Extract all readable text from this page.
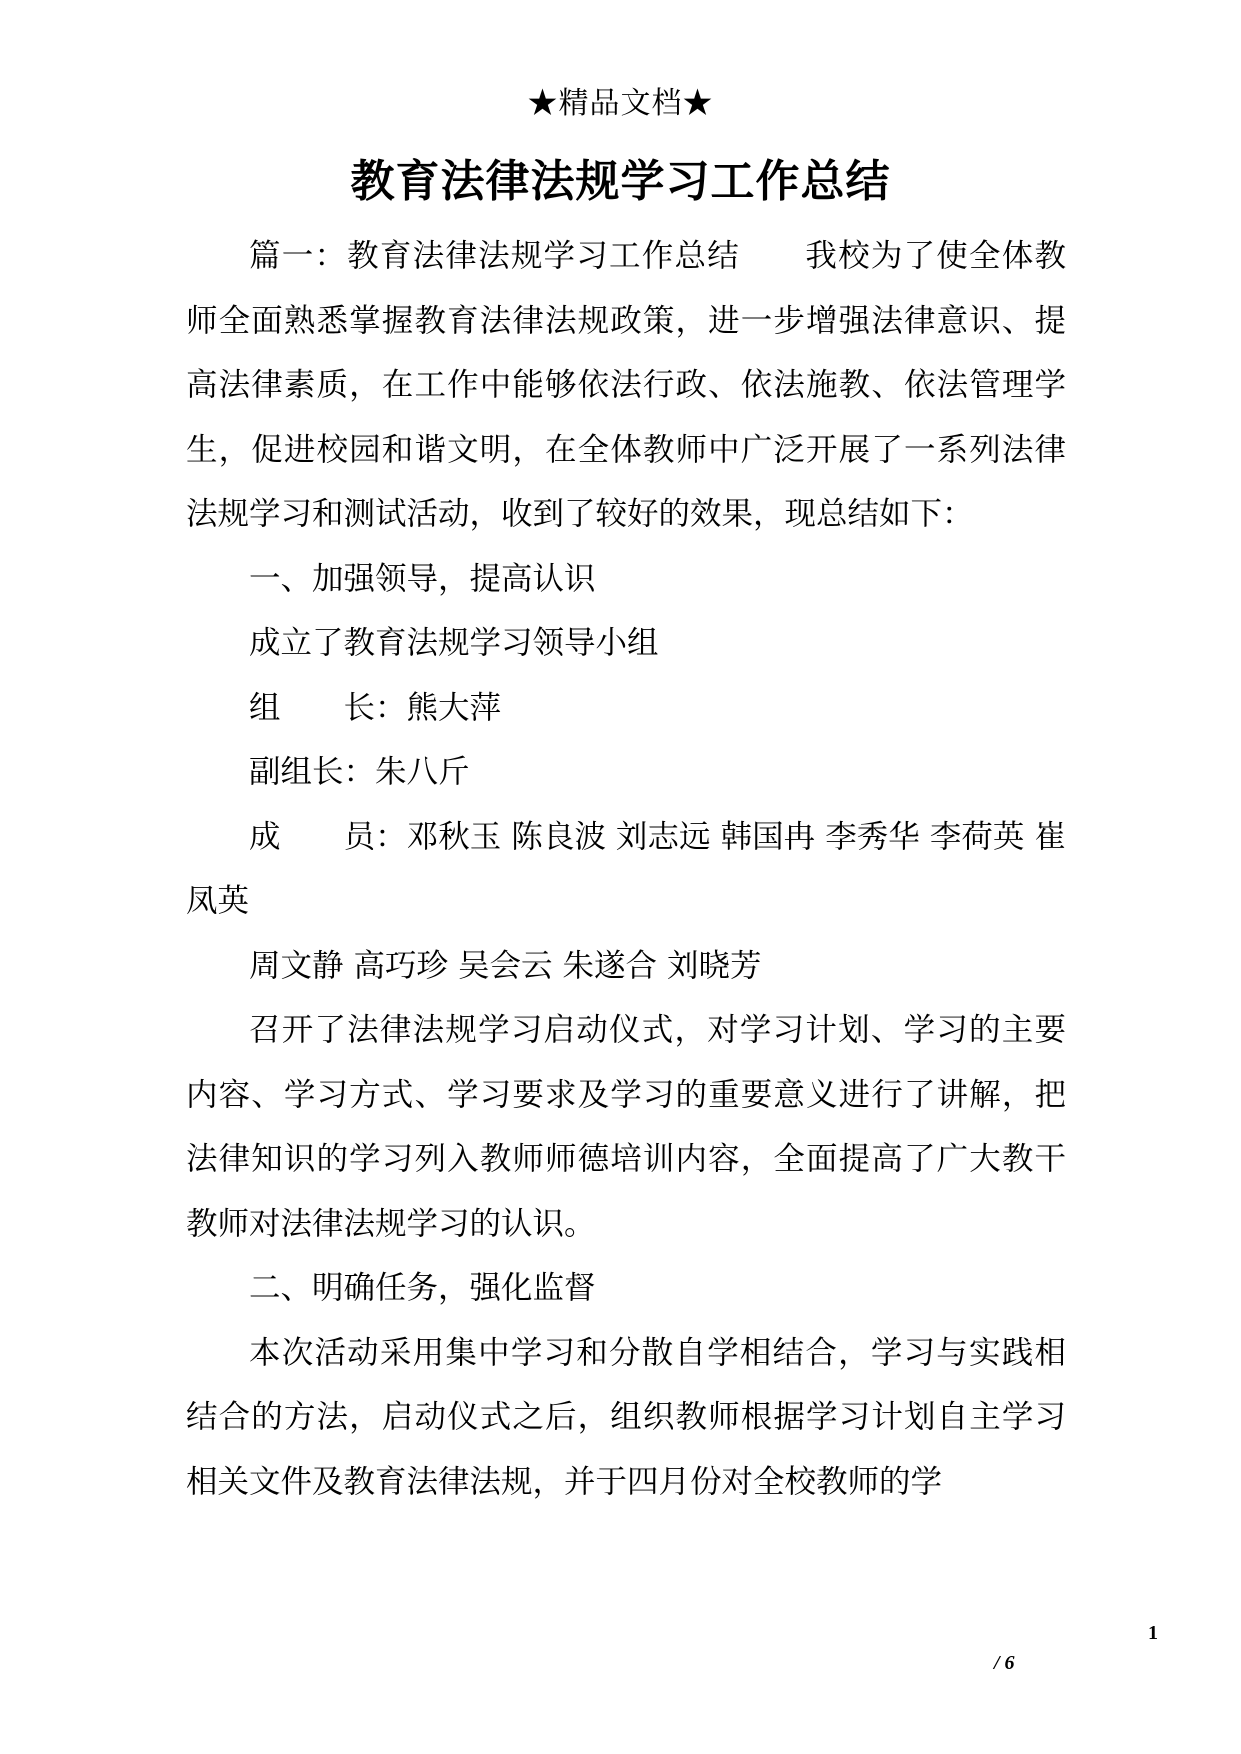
★精品文档★
教育法律法规学习工作总结

篇一：教育法律法规学习工作总结　　我校为了使全体教师全面熟悉掌握教育法律法规政策，进一步增强法律意识、提高法律素质，在工作中能够依法行政、依法施教、依法管理学生，促进校园和谐文明，在全体教师中广泛开展了一系列法律法规学习和测试活动，收到了较好的效果，现总结如下：

一、加强领导，提高认识

成立了教育法规学习领导小组

组　　长：熊大萍

副组长：朱八斤

成　　员：邓秋玉 陈良波 刘志远 韩国冉 李秀华 李荷英 崔凤英

周文静 高巧珍 吴会云 朱遂合 刘晓芳

召开了法律法规学习启动仪式，对学习计划、学习的主要内容、学习方式、学习要求及学习的重要意义进行了讲解，把法律知识的学习列入教师师德培训内容，全面提高了广大教干教师对法律法规学习的认识。

二、明确任务，强化监督

本次活动采用集中学习和分散自学相结合，学习与实践相结合的方法，启动仪式之后，组织教师根据学习计划自主学习相关文件及教育法律法规，并于四月份对全校教师的学

1
/ 6
